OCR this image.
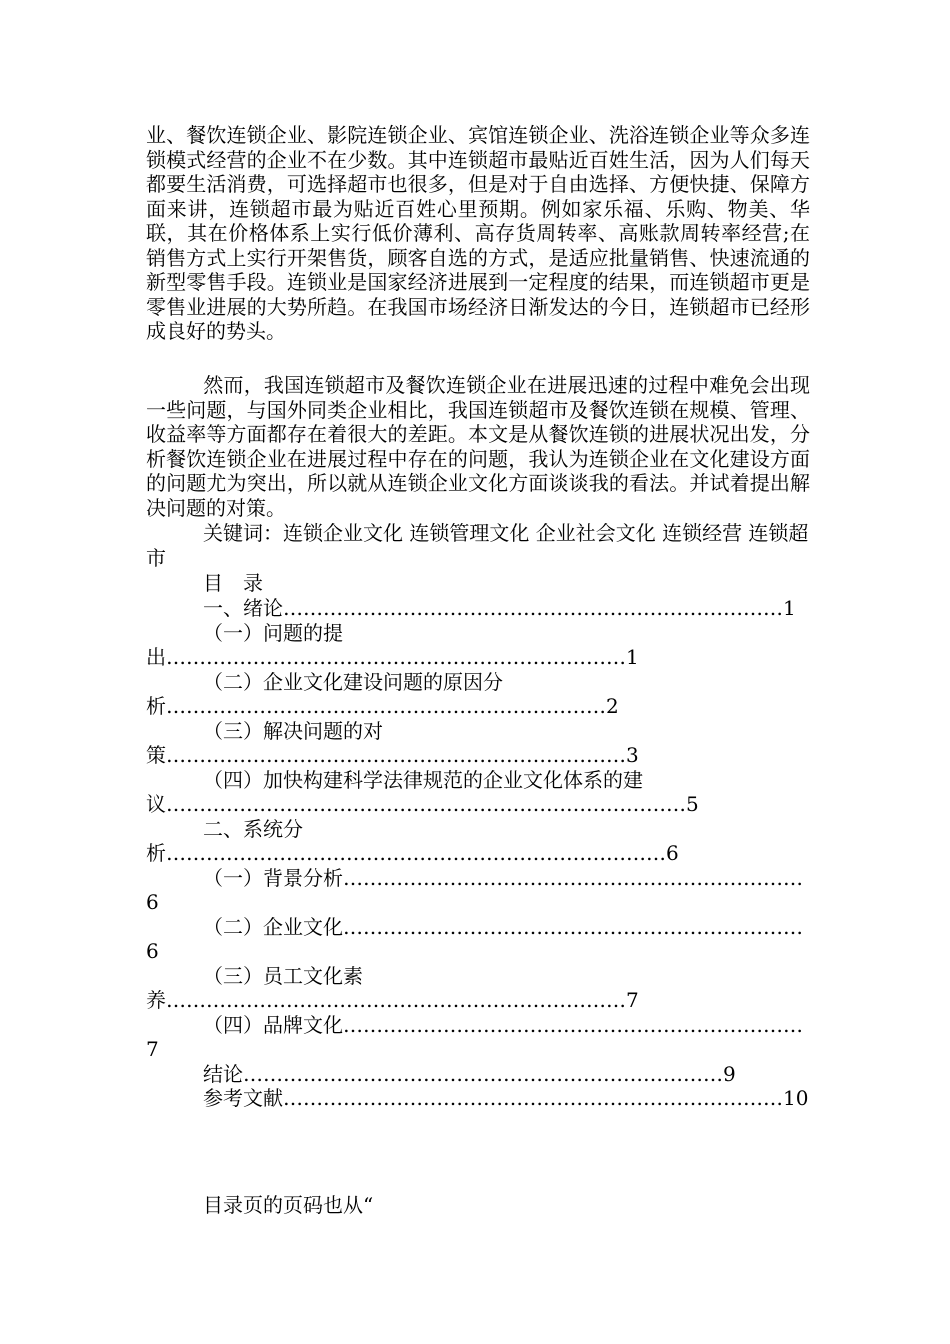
业、餐饮连锁企业、影院连锁企业、宾馆连锁企业、洗浴连锁企业等众多连锁模式经营的企业不在少数。其中连锁超市最贴近百姓生活，因为人们每天都要生活消费，可选择超市也很多，但是对于自由选择、方便快捷、保障方面来讲，连锁超市最为贴近百姓心里预期。例如家乐福、乐购、物美、华联，其在价格体系上实行低价薄利、高存货周转率、高账款周转率经营;在销售方式上实行开架售货，顾客自选的方式，是适应批量销售、快速流通的新型零售手段。连锁业是国家经济进展到一定程度的结果，而连锁超市更是零售业进展的大势所趋。在我国市场经济日渐发达的今日，连锁超市已经形成良好的势头。

然而，我国连锁超市及餐饮连锁企业在进展迅速的过程中难免会出现一些问题，与国外同类企业相比，我国连锁超市及餐饮连锁在规模、管理、收益率等方面都存在着很大的差距。本文是从餐饮连锁的进展状况出发，分析餐饮连锁企业在进展过程中存在的问题，我认为连锁企业在文化建设方面的问题尤为突出，所以就从连锁企业文化方面谈谈我的看法。并试着提出解决问题的对策。

关键词：连锁企业文化 连锁管理文化 企业社会文化 连锁经营 连锁超市

目　录

一、绪论…………………………………………………………………1
（一）问题的提出……………………………………………………………1
（二）企业文化建设问题的原因分析…………………………………………………………2
（三）解决问题的对策……………………………………………………………3
（四）加快构建科学法律规范的企业文化体系的建议……………………………………………………………………5
二、系统分析…………………………………………………………………6
（一）背景分析……………………………………………………………6
（二）企业文化……………………………………………………………6
（三）员工文化素养……………………………………………………………7
（四）品牌文化……………………………………………………………7
结论………………………………………………………………9
参考文献…………………………………………………………………10

目录页的页码也从“
